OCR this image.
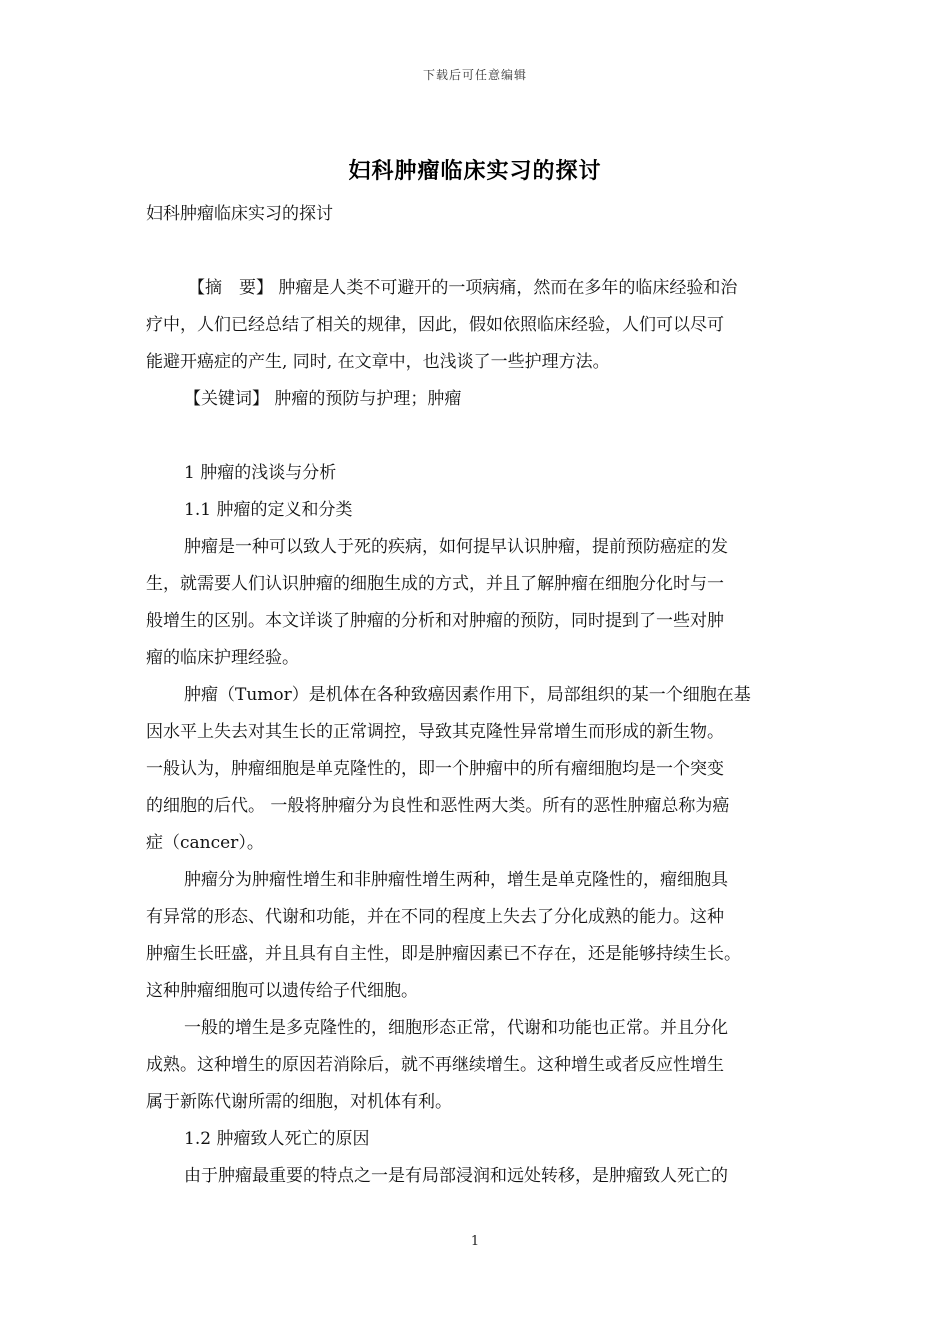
下载后可任意编辑
妇科肿瘤临床实习的探讨
妇科肿瘤临床实习的探讨
【摘　要】 肿瘤是人类不可避开的一项病痛，然而在多年的临床经验和治
疗中，人们已经总结了相关的规律，因此，假如依照临床经验，人们可以尽可
能避开癌症的产生, 同时, 在文章中，也浅谈了一些护理方法。
【关键词】 肿瘤的预防与护理；肿瘤
1 肿瘤的浅谈与分析
1.1 肿瘤的定义和分类
肿瘤是一种可以致人于死的疾病，如何提早认识肿瘤，提前预防癌症的发
生，就需要人们认识肿瘤的细胞生成的方式，并且了解肿瘤在细胞分化时与一
般增生的区别。本文详谈了肿瘤的分析和对肿瘤的预防，同时提到了一些对肿
瘤的临床护理经验。
肿瘤（Tumor）是机体在各种致癌因素作用下，局部组织的某一个细胞在基
因水平上失去对其生长的正常调控，导致其克隆性异常增生而形成的新生物。
一般认为，肿瘤细胞是单克隆性的，即一个肿瘤中的所有瘤细胞均是一个突变
的细胞的后代。 一般将肿瘤分为良性和恶性两大类。所有的恶性肿瘤总称为癌
症（cancer）。
肿瘤分为肿瘤性增生和非肿瘤性增生两种，增生是单克隆性的，瘤细胞具
有异常的形态、代谢和功能，并在不同的程度上失去了分化成熟的能力。这种
肿瘤生长旺盛，并且具有自主性，即是肿瘤因素已不存在，还是能够持续生长。
这种肿瘤细胞可以遗传给子代细胞。
一般的增生是多克隆性的，细胞形态正常，代谢和功能也正常。并且分化
成熟。这种增生的原因若消除后，就不再继续增生。这种增生或者反应性增生
属于新陈代谢所需的细胞，对机体有利。
1.2 肿瘤致人死亡的原因
由于肿瘤最重要的特点之一是有局部浸润和远处转移，是肿瘤致人死亡的
1
